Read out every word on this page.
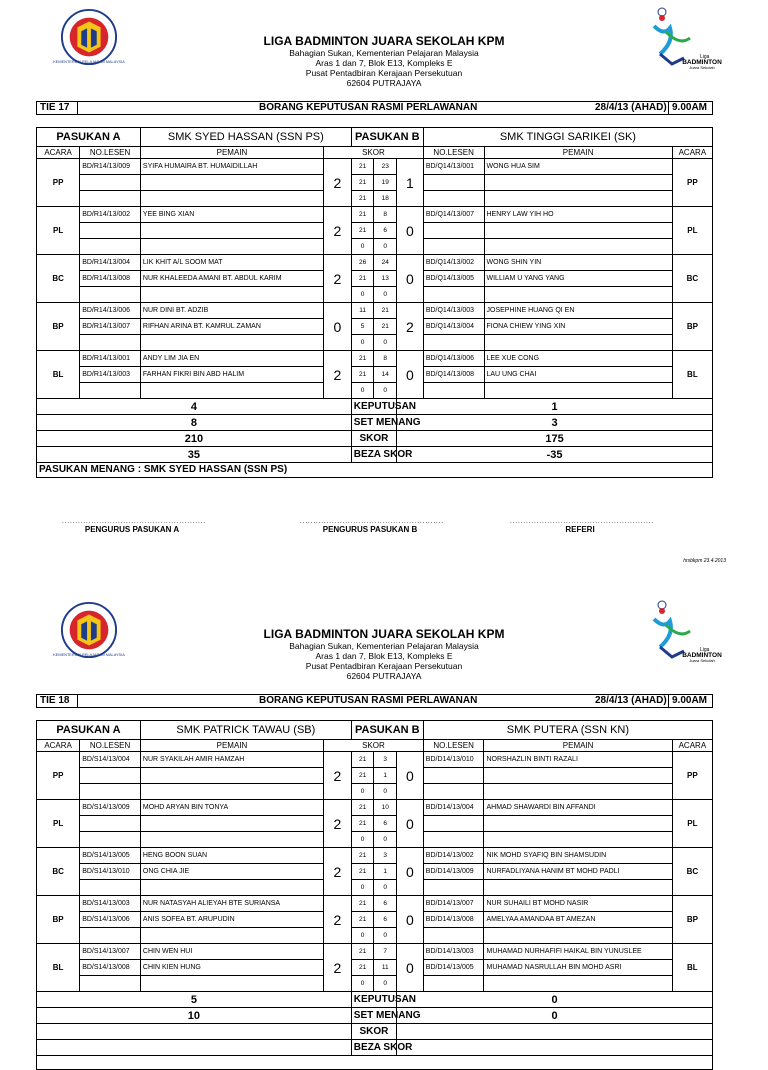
KEMENTERIAN PELAJARAN MALAYSIA
Liga
BADMINTON
Juara Sekolah
LIGA BADMINTON JUARA SEKOLAH KPM
Bahagian Sukan, Kementerian Pelajaran Malaysia
Aras 1 dan 7, Blok E13, Kompleks E
Pusat Pentadbiran Kerajaan Persekutuan
62604 PUTRAJAYA
TIE 17	BORANG KEPUTUSAN RASMI PERLAWANAN	28/4/13 (AHAD) 9.00AM
PASUKAN A		SMK SYED HASSAN (SSN PS)		PASUKAN B			SMK TINGGI SARIKEI (SK)		
ACARA	NO.LESEN	PEMAIN	SKOR				NO.LESEN	PEMAIN	ACARA
PP	BD/R14/13/009	SYIFA HUMAIRA BT. HUMAIDILLAH	2	21	23	1	BD/Q14/13/001	WONG HUA SIM	PP
				21	19				
				21	18				
PL	BD/R14/13/002	YEE BING XIAN	2	21	8	0	BD/Q14/13/007	HENRY LAW YIH HO	PL
				21	6				
				0	0				
BC	BD/R14/13/004	LIK KHIT A/L SOOM MAT	2	26	24	0	BD/Q14/13/002	WONG SHIN YIN	BC
	BD/R14/13/008	NUR KHALEEDA AMANI BT. ABDUL KARIM		21	13		BD/Q14/13/005	WILLIAM U YANG YANG	
				0	0				
BP	BD/R14/13/006	NUR DINI BT. ADZIB	0	11	21	2	BD/Q14/13/003	JOSEPHINE HUANG QI EN	BP
	BD/R14/13/007	RIFHAN ARINA BT. KAMRUL ZAMAN		5	21		BD/Q14/13/004	FIONA CHIEW YING XIN	
				0	0				
BL	BD/R14/13/001	ANDY LIM JIA EN	2	21	8	0	BD/Q14/13/006	LEE XUE CONG	BL
	BD/R14/13/003	FARHAN FIKRI BIN ABD HALIM		21	14		BD/Q14/13/008	LAU UNG CHAI	
				0	0				
4				KEPUTUSAN		1			
8				SET MENANG		3			
210				SKOR		175			
35				BEZA SKOR		-35			
PASUKAN MENANG : SMK SYED HASSAN (SSN PS)									
......................................................
PENGURUS PASUKAN A
......................................................
PENGURUS PASUKAN B
......................................................
REFERI
hrsbkpm 23.4.2013
KEMENTERIAN PELAJARAN MALAYSIA
Liga
BADMINTON
Juara Sekolah
LIGA BADMINTON JUARA SEKOLAH KPM
Bahagian Sukan, Kementerian Pelajaran Malaysia
Aras 1 dan 7, Blok E13, Kompleks E
Pusat Pentadbiran Kerajaan Persekutuan
62604 PUTRAJAYA
TIE 18	BORANG KEPUTUSAN RASMI PERLAWANAN	28/4/13 (AHAD) 9.00AM
PASUKAN A		SMK PATRICK TAWAU (SB)		PASUKAN B			SMK PUTERA (SSN KN)		
ACARA	NO.LESEN	PEMAIN	SKOR				NO.LESEN	PEMAIN	ACARA
PP	BD/S14/13/004	NUR SYAKILAH AMIR HAMZAH	2	21	3	0	BD/D14/13/010	NORSHAZLIN BINTI RAZALI	PP
				21	1				
				0	0				
PL	BD/S14/13/009	MOHD ARYAN BIN TONYA	2	21	10	0	BD/D14/13/004	AHMAD SHAWARDI BIN AFFANDI	PL
				21	6				
				0	0				
BC	BD/S14/13/005	HENG BOON SUAN	2	21	3	0	BD/D14/13/002	NIK MOHD SYAFIQ BIN SHAMSUDIN	BC
	BD/S14/13/010	ONG CHIA JIE		21	1		BD/D14/13/009	NURFADLIYANA HANIM BT MOHD PADLI	
				0	0				
BP	BD/S14/13/003	NUR NATASYAH ALIEYAH BTE SURIANSA	2	21	6	0	BD/D14/13/007	NUR SUHAILI BT MOHD NASIR	BP
	BD/S14/13/006	ANIS SOFEA BT. ARUPUDIN		21	6		BD/D14/13/008	AMELYAA AMANDAA BT AMEZAN	
				0	0				
BL	BD/S14/13/007	CHIN WEN HUI	2	21	7	0	BD/D14/13/003	MUHAMAD NURHAFIFI HAIKAL BIN YUNUSLEE	BL
	BD/S14/13/008	CHIN KIEN HUNG		21	11		BD/D14/13/005	MUHAMAD NASRULLAH BIN MOHD ASRI	
				0	0				
5				KEPUTUSAN		0			
10				SET MENANG		0			
				SKOR					
				BEZA SKOR					
